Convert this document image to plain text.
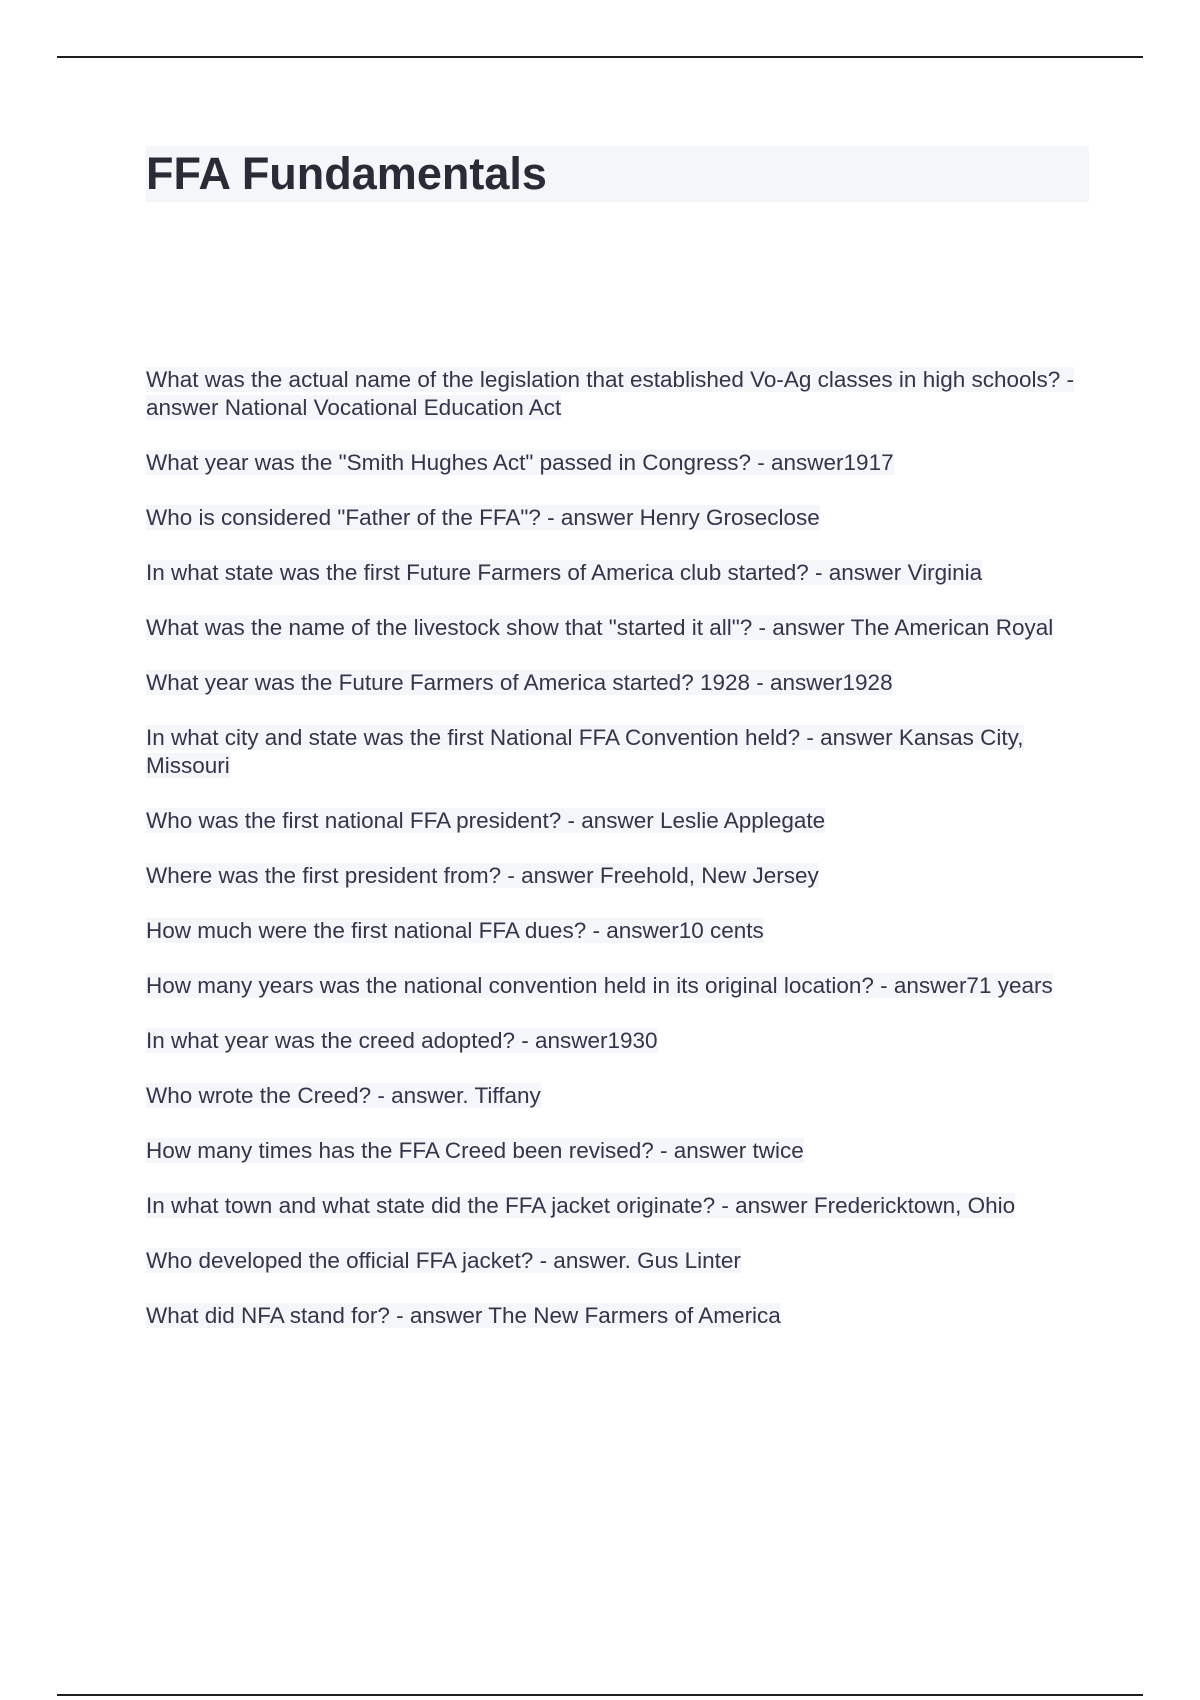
FFA Fundamentals
What was the actual name of the legislation that established Vo-Ag classes in high schools? - answer National Vocational Education Act
What year was the "Smith Hughes Act" passed in Congress? - answer1917
Who is considered "Father of the FFA"? - answer Henry Groseclose
In what state was the first Future Farmers of America club started? - answer Virginia
What was the name of the livestock show that "started it all"? - answer The American Royal
What year was the Future Farmers of America started? 1928 - answer1928
In what city and state was the first National FFA Convention held? - answer Kansas City, Missouri
Who was the first national FFA president? - answer Leslie Applegate
Where was the first president from? - answer Freehold, New Jersey
How much were the first national FFA dues? - answer10 cents
How many years was the national convention held in its original location? - answer71 years
In what year was the creed adopted? - answer1930
Who wrote the Creed? - answer. Tiffany
How many times has the FFA Creed been revised? - answer twice
In what town and what state did the FFA jacket originate? - answer Fredericktown, Ohio
Who developed the official FFA jacket? - answer. Gus Linter
What did NFA stand for? - answer The New Farmers of America
